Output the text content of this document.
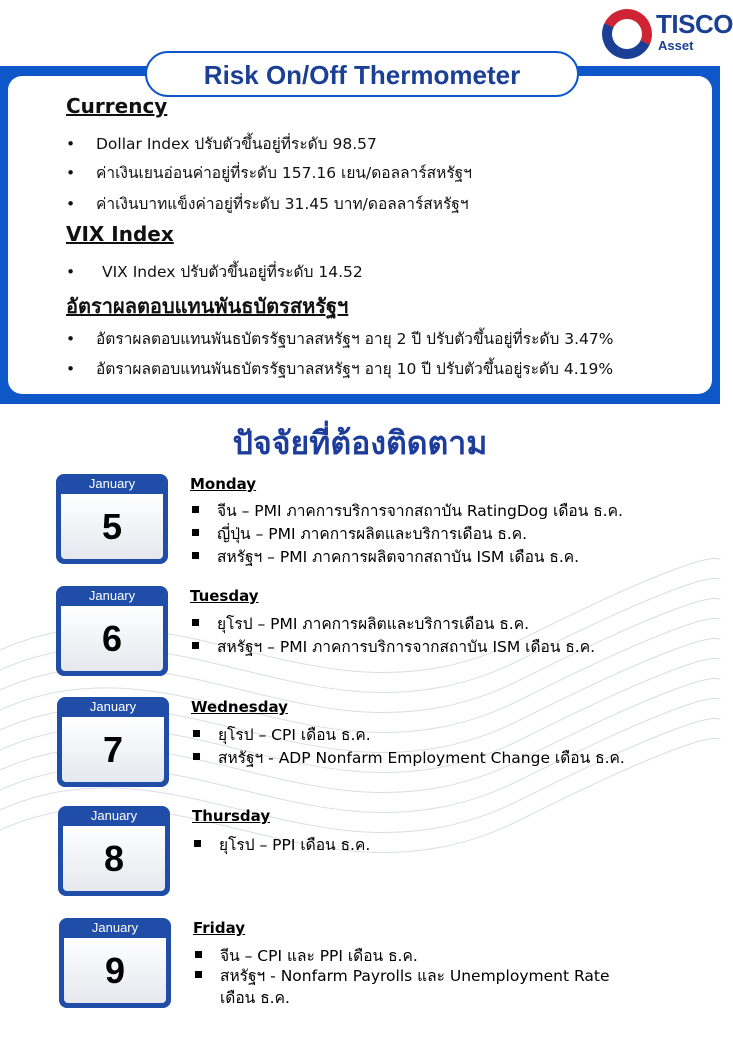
TISCO
Asset
Risk On/Off Thermometer
Currency
• Dollar Index ปรับตัวขึ้นอยู่ที่ระดับ 98.57
• ค่าเงินเยนอ่อนค่าอยู่ที่ระดับ 157.16 เยน/ดอลลาร์สหรัฐฯ
• ค่าเงินบาทแข็งค่าอยู่ที่ระดับ 31.45 บาท/ดอลลาร์สหรัฐฯ
VIX Index
• VIX Index ปรับตัวขึ้นอยู่ที่ระดับ 14.52
อัตราผลตอบแทนพันธบัตรสหรัฐฯ
• อัตราผลตอบแทนพันธบัตรรัฐบาลสหรัฐฯ อายุ 2 ปี ปรับตัวขึ้นอยู่ที่ระดับ 3.47%
• อัตราผลตอบแทนพันธบัตรรัฐบาลสหรัฐฯ อายุ 10 ปี ปรับตัวขึ้นอยู่ระดับ 4.19%
ปัจจัยที่ต้องติดตาม
January
5
Monday
จีน – PMI ภาคการบริการจากสถาบัน RatingDog เดือน ธ.ค.
ญี่ปุ่น – PMI ภาคการผลิตและบริการเดือน ธ.ค.
สหรัฐฯ – PMI ภาคการผลิตจากสถาบัน ISM เดือน ธ.ค.
January
6
Tuesday
ยุโรป – PMI ภาคการผลิตและบริการเดือน ธ.ค.
สหรัฐฯ – PMI ภาคการบริการจากสถาบัน ISM เดือน ธ.ค.
January
7
Wednesday
ยุโรป – CPI เดือน ธ.ค.
สหรัฐฯ - ADP Nonfarm Employment Change เดือน ธ.ค.
January
8
Thursday
ยุโรป – PPI เดือน ธ.ค.
January
9
Friday
จีน – CPI และ PPI เดือน ธ.ค.
สหรัฐฯ - Nonfarm Payrolls และ Unemployment Rate เดือน ธ.ค.
